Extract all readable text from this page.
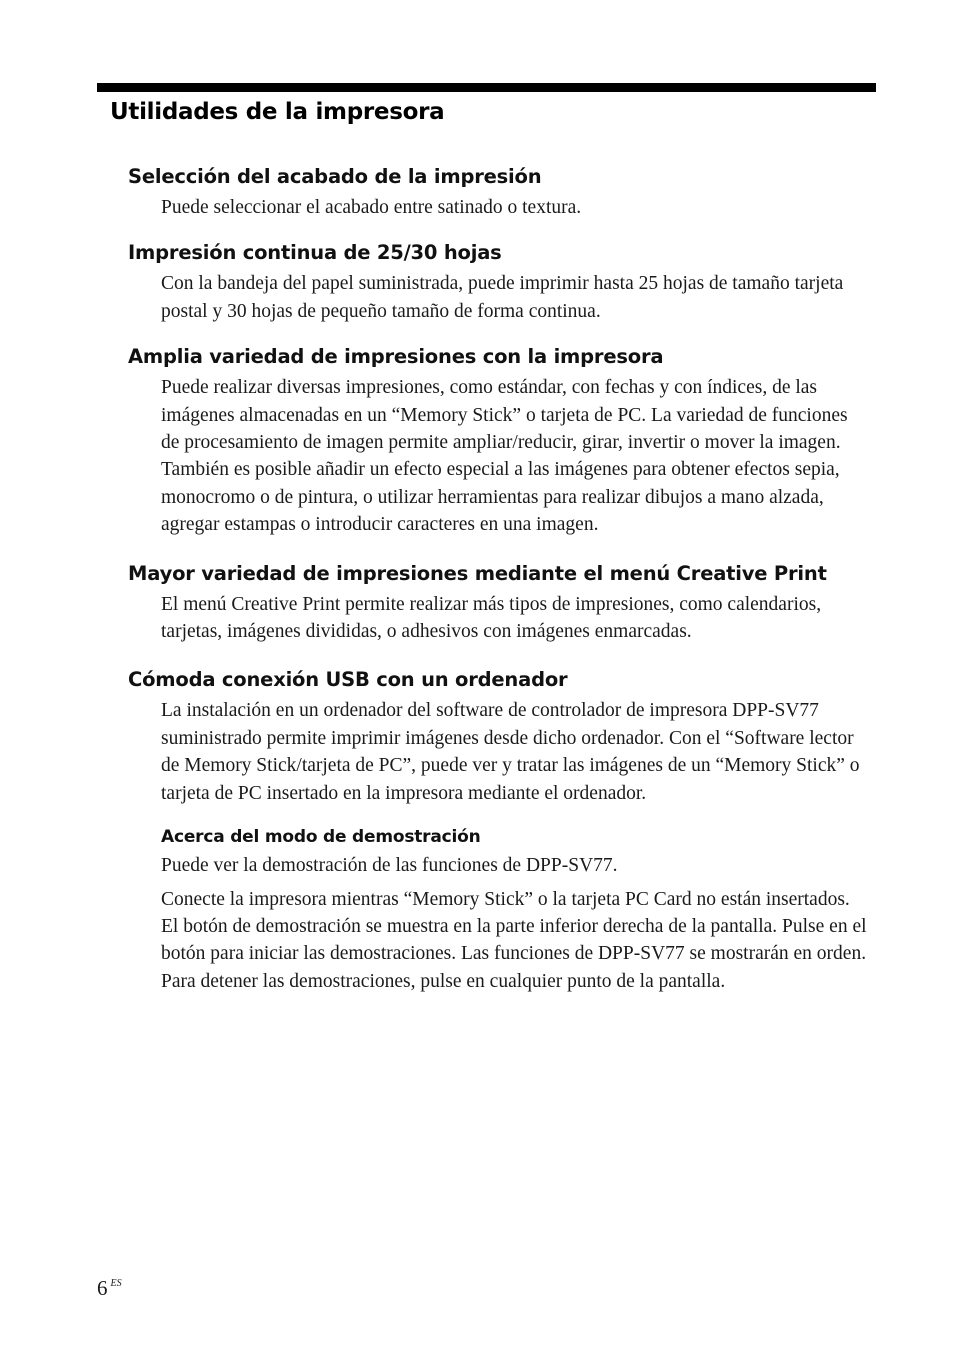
Utilidades de la impresora
Selección del acabado de la impresión

Puede seleccionar el acabado entre satinado o textura.

Impresión continua de 25/30 hojas

Con la bandeja del papel suministrada, puede imprimir hasta 25 hojas de tamaño tarjeta postal y 30 hojas de pequeño tamaño de forma continua.

Amplia variedad de impresiones con la impresora

Puede realizar diversas impresiones, como estándar, con fechas y con índices, de las imágenes almacenadas en un “Memory Stick” o tarjeta de PC. La variedad de funciones de procesamiento de imagen permite ampliar/reducir, girar, invertir o mover la imagen. También es posible añadir un efecto especial a las imágenes para obtener efectos sepia, monocromo o de pintura, o utilizar herramientas para realizar dibujos a mano alzada, agregar estampas o introducir caracteres en una imagen.

Mayor variedad de impresiones mediante el menú Creative Print

El menú Creative Print permite realizar más tipos de impresiones, como calendarios, tarjetas, imágenes divididas, o adhesivos con imágenes enmarcadas.

Cómoda conexión USB con un ordenador

La instalación en un ordenador del software de controlador de impresora DPP-SV77 suministrado permite imprimir imágenes desde dicho ordenador. Con el “Software lector de Memory Stick/tarjeta de PC”, puede ver y tratar las imágenes de un “Memory Stick” o tarjeta de PC insertado en la impresora mediante el ordenador.

Acerca del modo de demostración

Puede ver la demostración de las funciones de DPP-SV77.

Conecte la impresora mientras “Memory Stick” o la tarjeta PC Card no están insertados. El botón de demostración se muestra en la parte inferior derecha de la pantalla. Pulse en el botón para iniciar las demostraciones. Las funciones de DPP-SV77 se mostrarán en orden. Para detener las demostraciones, pulse en cualquier punto de la pantalla.

6 $^{ES}$
